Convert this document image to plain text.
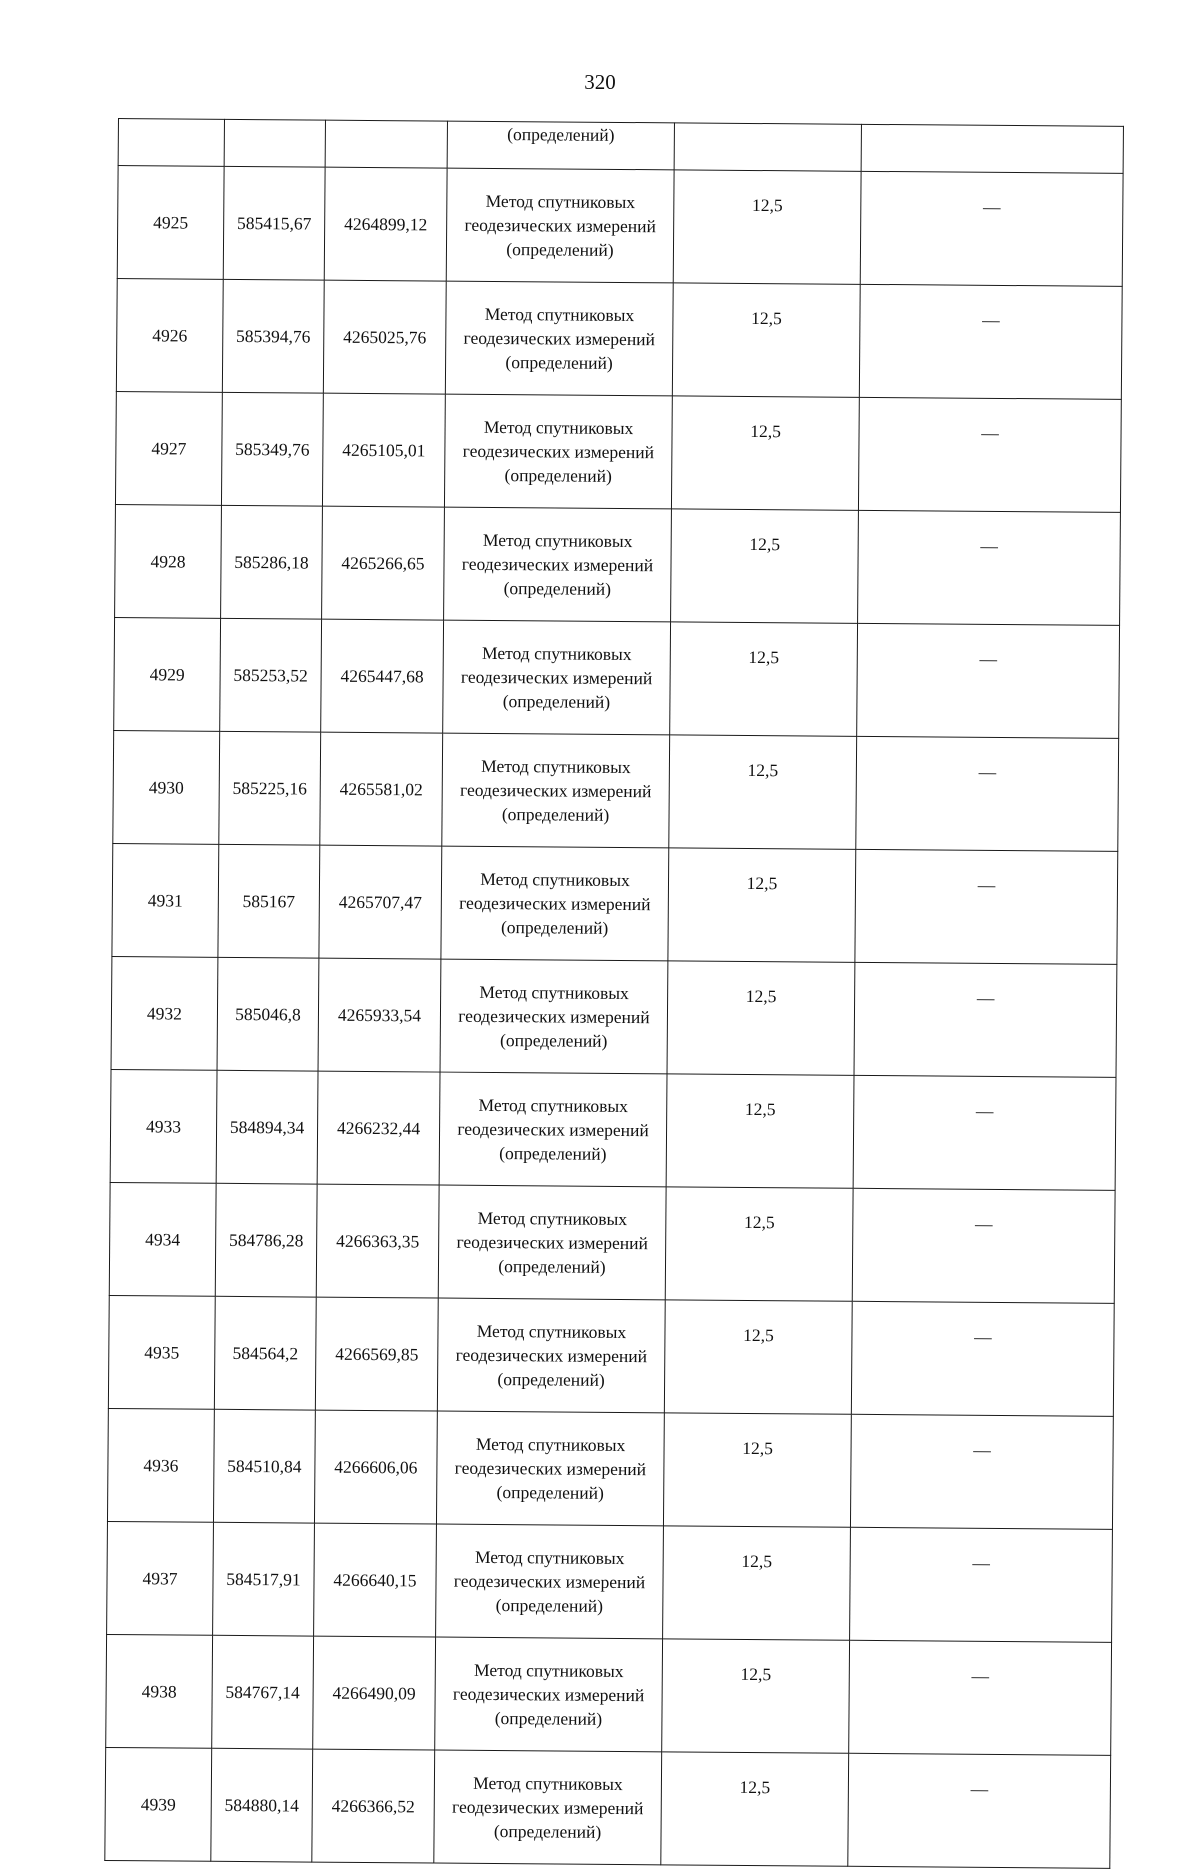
320
			(определений)		
4925	585415,67	4264899,12	Метод спутниковых
геодезических измерений
(определений)	12,5	—
4926	585394,76	4265025,76	Метод спутниковых
геодезических измерений
(определений)	12,5	—
4927	585349,76	4265105,01	Метод спутниковых
геодезических измерений
(определений)	12,5	—
4928	585286,18	4265266,65	Метод спутниковых
геодезических измерений
(определений)	12,5	—
4929	585253,52	4265447,68	Метод спутниковых
геодезических измерений
(определений)	12,5	—
4930	585225,16	4265581,02	Метод спутниковых
геодезических измерений
(определений)	12,5	—
4931	585167	4265707,47	Метод спутниковых
геодезических измерений
(определений)	12,5	—
4932	585046,8	4265933,54	Метод спутниковых
геодезических измерений
(определений)	12,5	—
4933	584894,34	4266232,44	Метод спутниковых
геодезических измерений
(определений)	12,5	—
4934	584786,28	4266363,35	Метод спутниковых
геодезических измерений
(определений)	12,5	—
4935	584564,2	4266569,85	Метод спутниковых
геодезических измерений
(определений)	12,5	—
4936	584510,84	4266606,06	Метод спутниковых
геодезических измерений
(определений)	12,5	—
4937	584517,91	4266640,15	Метод спутниковых
геодезических измерений
(определений)	12,5	—
4938	584767,14	4266490,09	Метод спутниковых
геодезических измерений
(определений)	12,5	—
4939	584880,14	4266366,52	Метод спутниковых
геодезических измерений
(определений)	12,5	—
